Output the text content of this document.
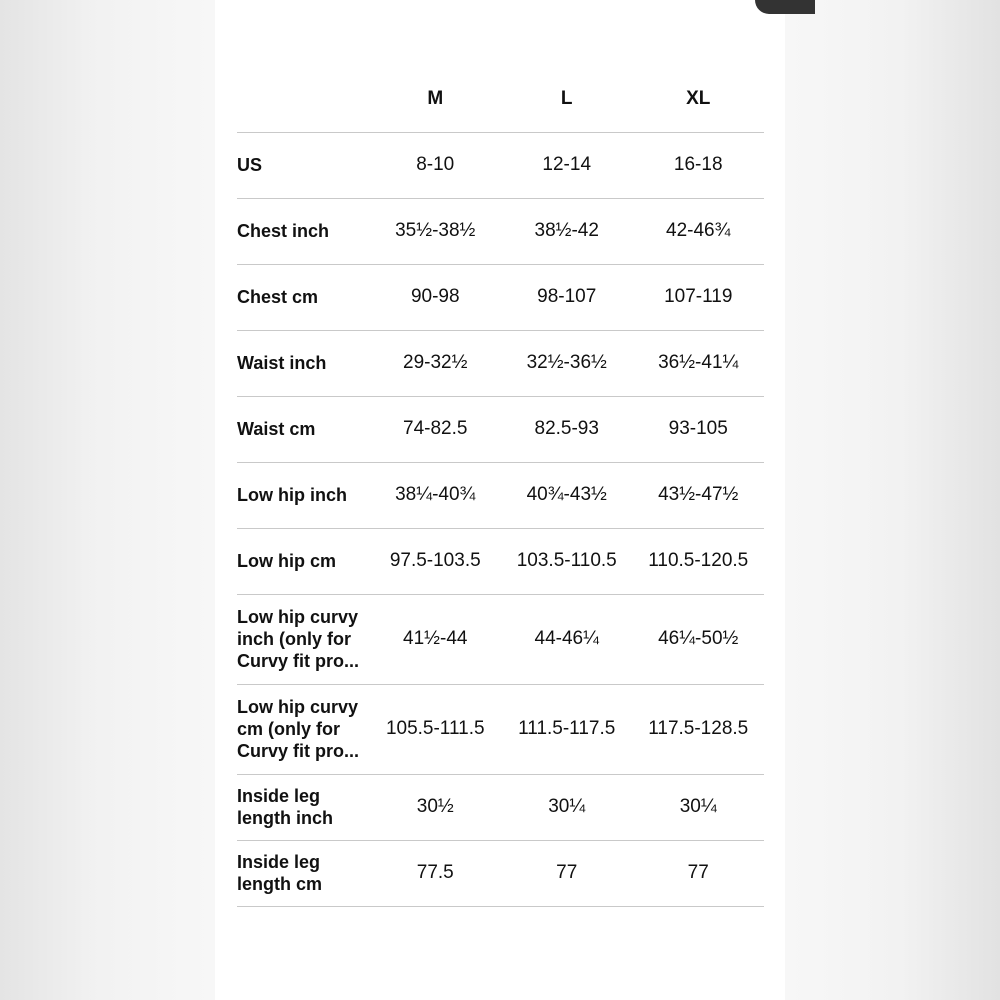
	M	L	XL
US	8-10	12-14	16-18
Chest inch	35½-38½	38½-42	42-46¾
Chest cm	90-98	98-107	107-119
Waist inch	29-32½	32½-36½	36½-41¼
Waist cm	74-82.5	82.5-93	93-105
Low hip inch	38¼-40¾	40¾-43½	43½-47½
Low hip cm	97.5-103.5	103.5-110.5	110.5-120.5
Low hip curvy inch (only for Curvy fit pro...	41½-44	44-46¼	46¼-50½
Low hip curvy cm (only for Curvy fit pro...	105.5-111.5	111.5-117.5	117.5-128.5
Inside leg length inch	30½	30¼	30¼
Inside leg length cm	77.5	77	77
